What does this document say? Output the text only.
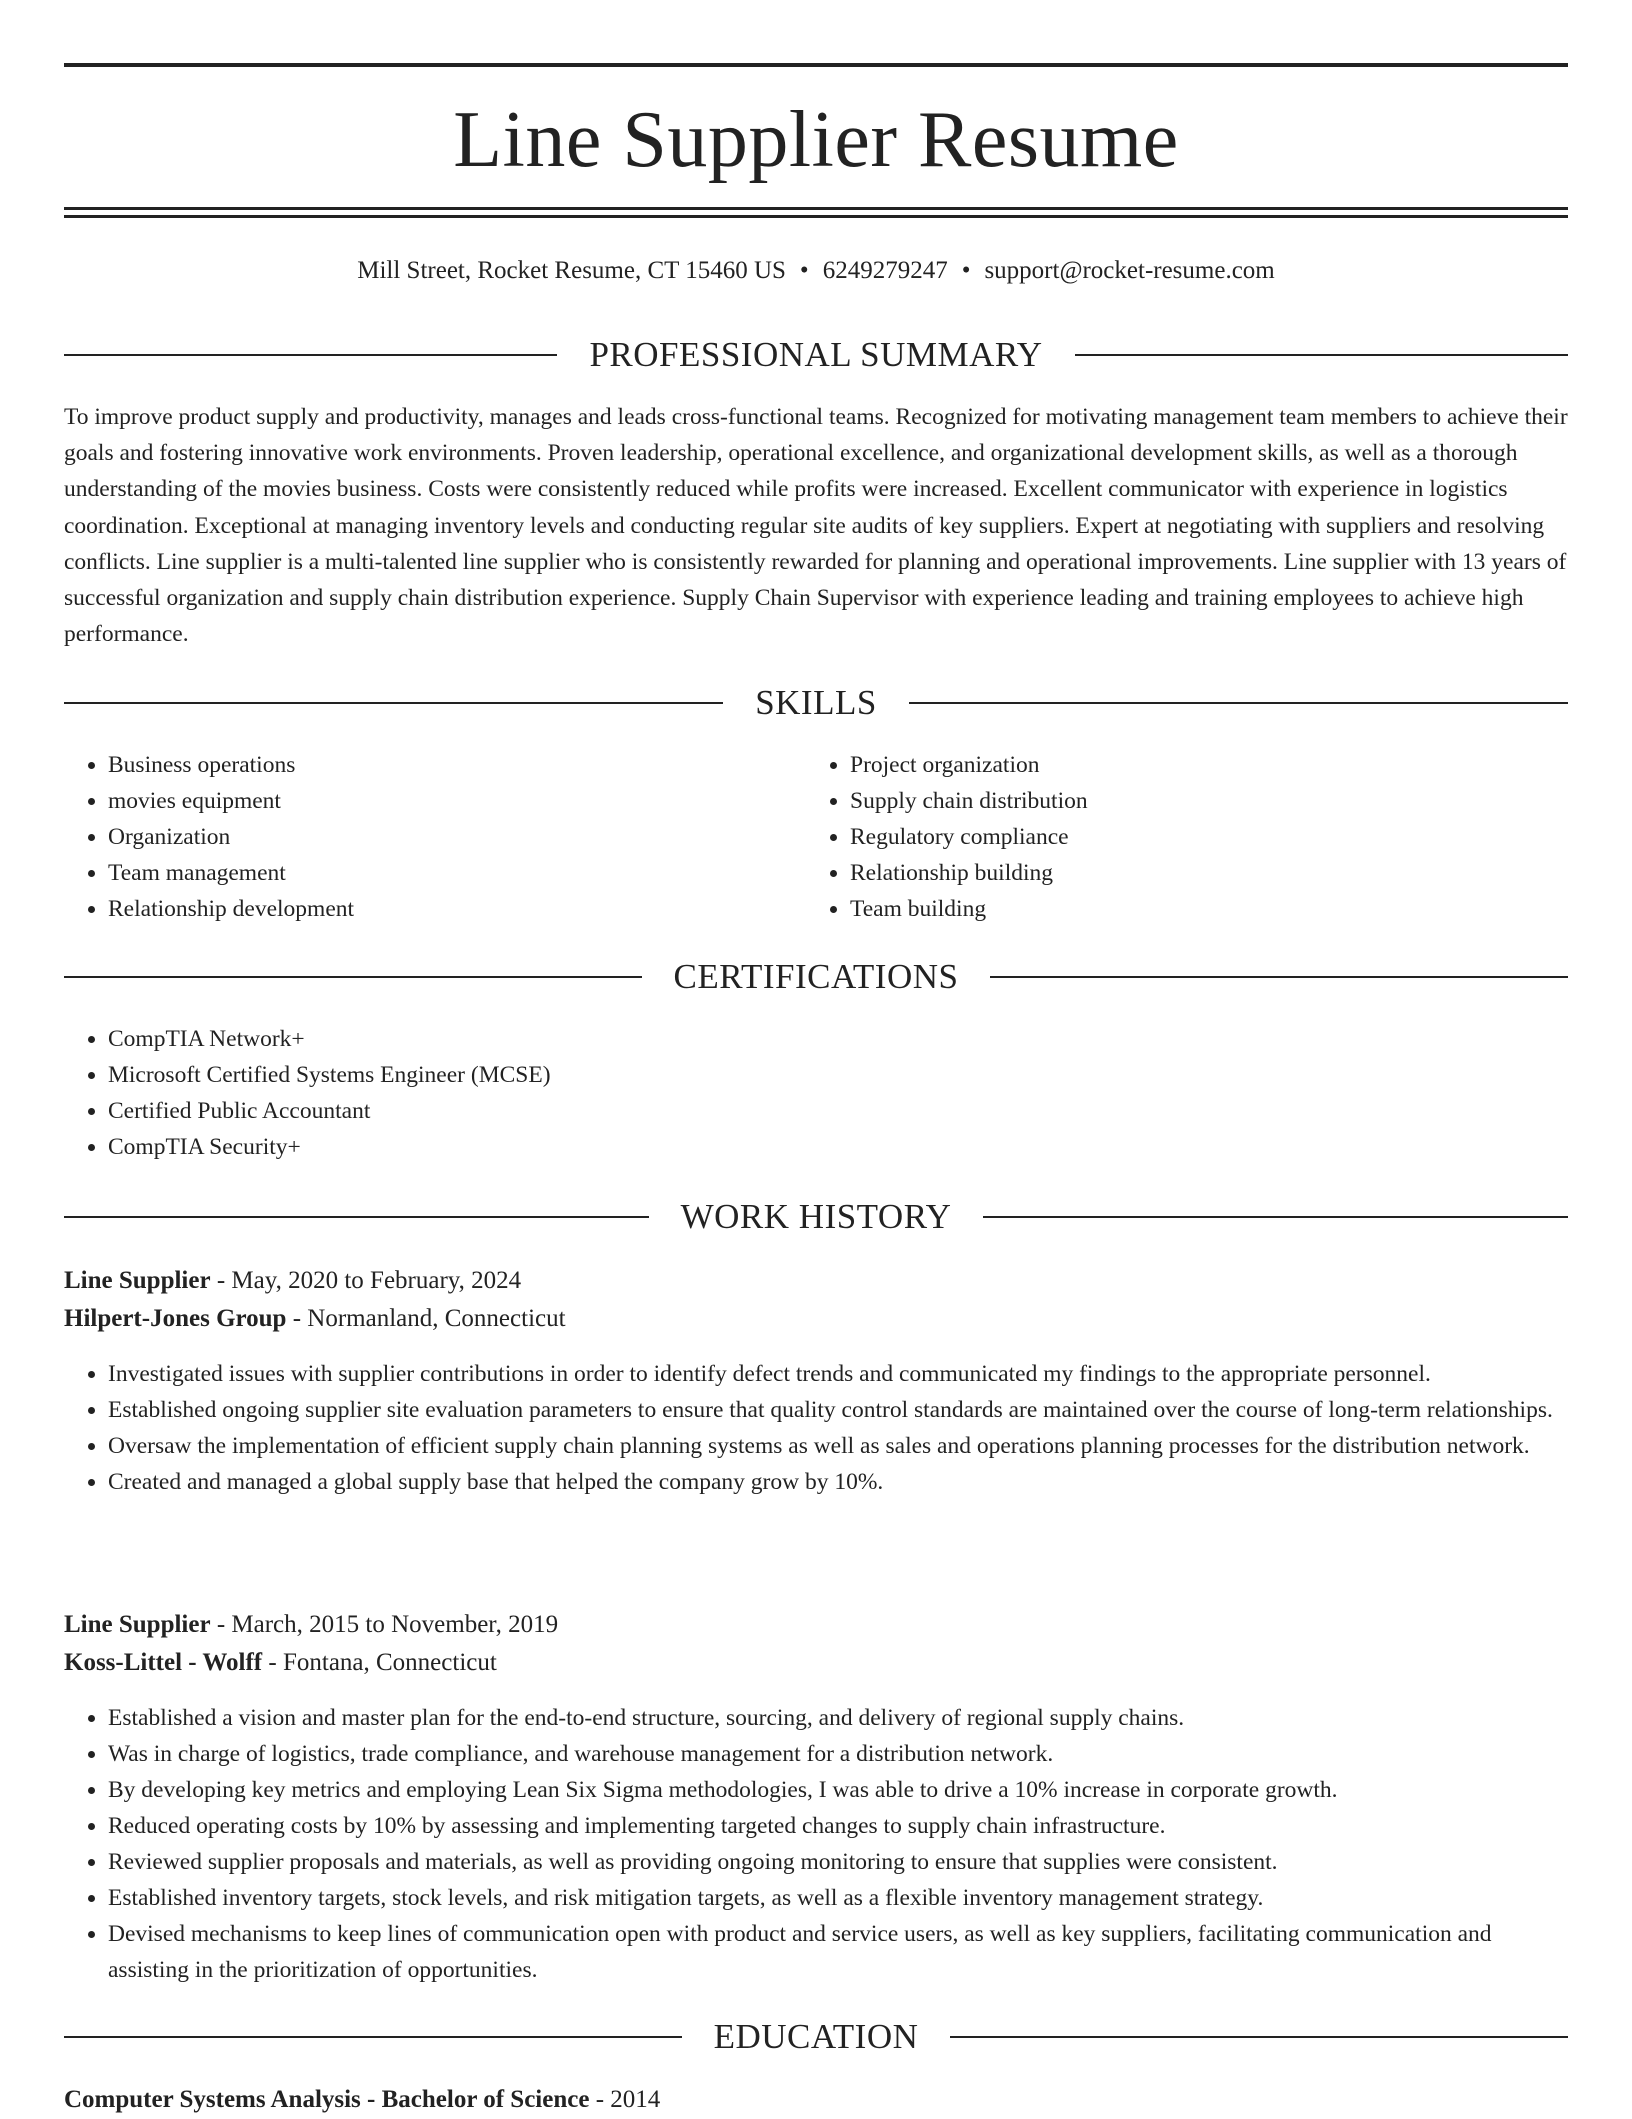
Line Supplier Resume
Mill Street, Rocket Resume, CT 15460 US • 6249279247 • support@rocket-resume.com
PROFESSIONAL SUMMARY

To improve product supply and productivity, manages and leads cross-functional teams. Recognized for motivating management team members to achieve their goals and fostering innovative work environments. Proven leadership, operational excellence, and organizational development skills, as well as a thorough understanding of the movies business. Costs were consistently reduced while profits were increased. Excellent communicator with experience in logistics coordination. Exceptional at managing inventory levels and conducting regular site audits of key suppliers. Expert at negotiating with suppliers and resolving conflicts. Line supplier is a multi-talented line supplier who is consistently rewarded for planning and operational improvements. Line supplier with 13 years of successful organization and supply chain distribution experience. Supply Chain Supervisor with experience leading and training employees to achieve high performance.

SKILLS
• Business operations
• movies equipment
• Organization
• Team management
• Relationship development
• Project organization
• Supply chain distribution
• Regulatory compliance
• Relationship building
• Team building
CERTIFICATIONS
• CompTIA Network+
• Microsoft Certified Systems Engineer (MCSE)
• Certified Public Accountant
• CompTIA Security+
WORK HISTORY
Line Supplier - May, 2020 to February, 2024
Hilpert-Jones Group - Normanland, Connecticut
• Investigated issues with supplier contributions in order to identify defect trends and communicated my findings to the appropriate personnel.
• Established ongoing supplier site evaluation parameters to ensure that quality control standards are maintained over the course of long-term relationships.
• Oversaw the implementation of efficient supply chain planning systems as well as sales and operations planning processes for the distribution network.
• Created and managed a global supply base that helped the company grow by 10%.
Line Supplier - March, 2015 to November, 2019
Koss-Littel - Wolff - Fontana, Connecticut
• Established a vision and master plan for the end-to-end structure, sourcing, and delivery of regional supply chains.
• Was in charge of logistics, trade compliance, and warehouse management for a distribution network.
• By developing key metrics and employing Lean Six Sigma methodologies, I was able to drive a 10% increase in corporate growth.
• Reduced operating costs by 10% by assessing and implementing targeted changes to supply chain infrastructure.
• Reviewed supplier proposals and materials, as well as providing ongoing monitoring to ensure that supplies were consistent.
• Established inventory targets, stock levels, and risk mitigation targets, as well as a flexible inventory management strategy.
• Devised mechanisms to keep lines of communication open with product and service users, as well as key suppliers, facilitating communication and assisting in the prioritization of opportunities.
EDUCATION
Computer Systems Analysis - Bachelor of Science - 2014
